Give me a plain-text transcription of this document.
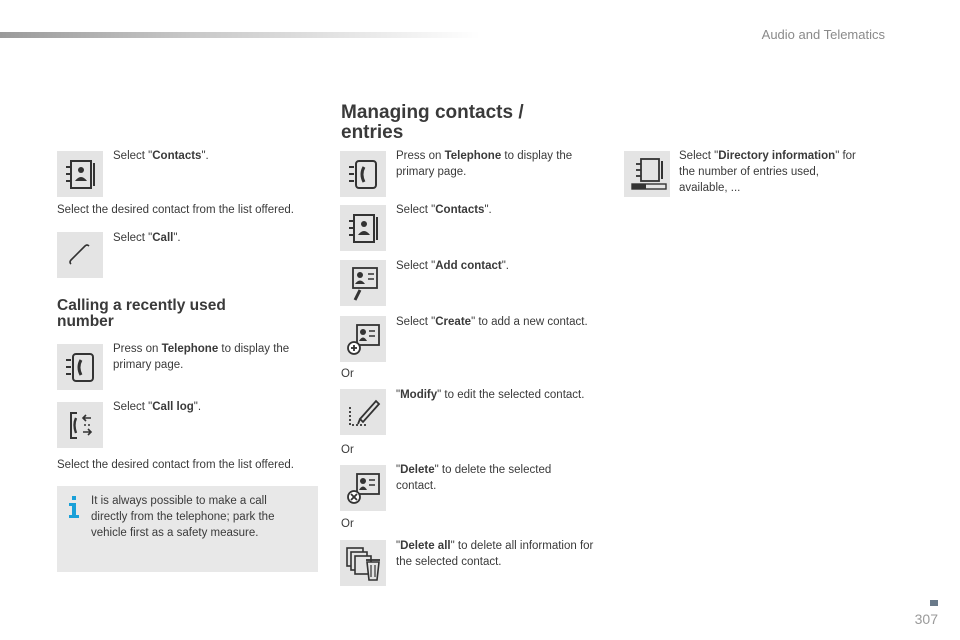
Audio and Telematics
Select "Contacts".
Select the desired contact from the list offered.
Select "Call".
Calling a recently used
number
Press on Telephone to display the primary page.
Select "Call log".
Select the desired contact from the list offered.
It is always possible to make a call directly from the telephone; park the vehicle first as a safety measure.
Managing contacts /
entries
Press on Telephone to display the primary page.
Select "Contacts".
Select "Add contact".
Select "Create" to add a new contact.
Or
"Modify" to edit the selected contact.
Or
"Delete" to delete the selected contact.
Or
"Delete all" to delete all information for the selected contact.
Select "Directory information" for the number of entries used, available, ...
307
